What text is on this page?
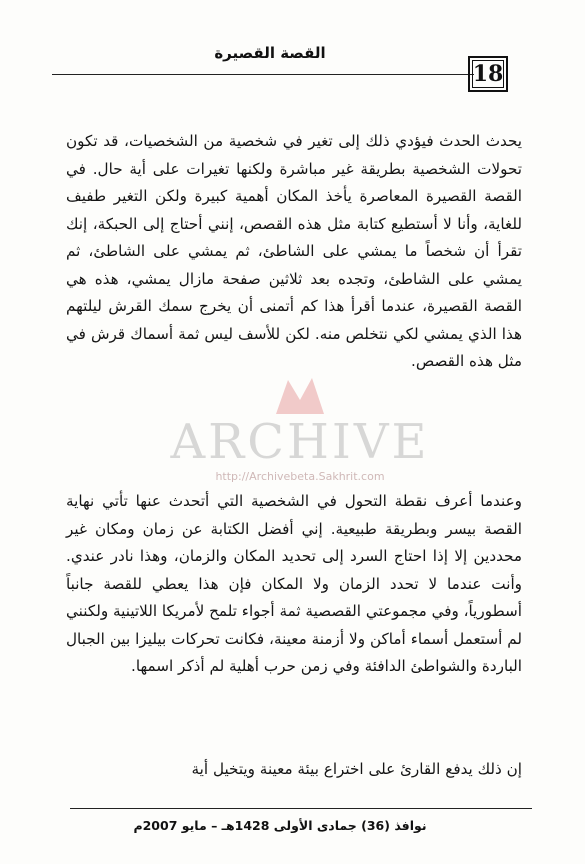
القصة القصيرة
18

يحدث الحدث فيؤدي ذلك إلى تغير في شخصية من الشخصيات، قد تكون تحولات الشخصية بطريقة غير مباشرة ولكنها تغيرات على أية حال. في القصة القصيرة المعاصرة يأخذ المكان أهمية كبيرة ولكن التغير طفيف للغاية، وأنا لا أستطيع كتابة مثل هذه القصص، إنني أحتاج إلى الحبكة، إنك تقرأ أن شخصاً ما يمشي على الشاطئ، ثم يمشي على الشاطئ، ثم يمشي على الشاطئ، وتجده بعد ثلاثين صفحة مازال يمشي، هذه هي القصة القصيرة، عندما أقرأ هذا كم أتمنى أن يخرج سمك القرش ليلتهم هذا الذي يمشي لكي نتخلص منه. لكن للأسف ليس ثمة أسماك قرش في مثل هذه القصص.

وعندما أعرف نقطة التحول في الشخصية التي أتحدث عنها تأتي نهاية القصة بيسر وبطريقة طبيعية. إني أفضل الكتابة عن زمان ومكان غير محددين إلا إذا احتاج السرد إلى تحديد المكان والزمان، وهذا نادر عندي. وأنت عندما لا تحدد الزمان ولا المكان فإن هذا يعطي للقصة جانباً أسطورياً، وفي مجموعتي القصصية ثمة أجواء تلمح لأمريكا اللاتينية ولكنني لم أستعمل أسماء أماكن ولا أزمنة معينة، فكانت تحركات بيليزا بين الجبال الباردة والشواطئ الدافئة وفي زمن حرب أهلية لم أذكر اسمها.

إن ذلك يدفع القارئ على اختراع بيئة معينة ويتخيل أية

ARCHIVE
http://Archivebeta.Sakhrit.com
نوافذ (36) جمادى الأولى 1428هـ – مايو 2007م
